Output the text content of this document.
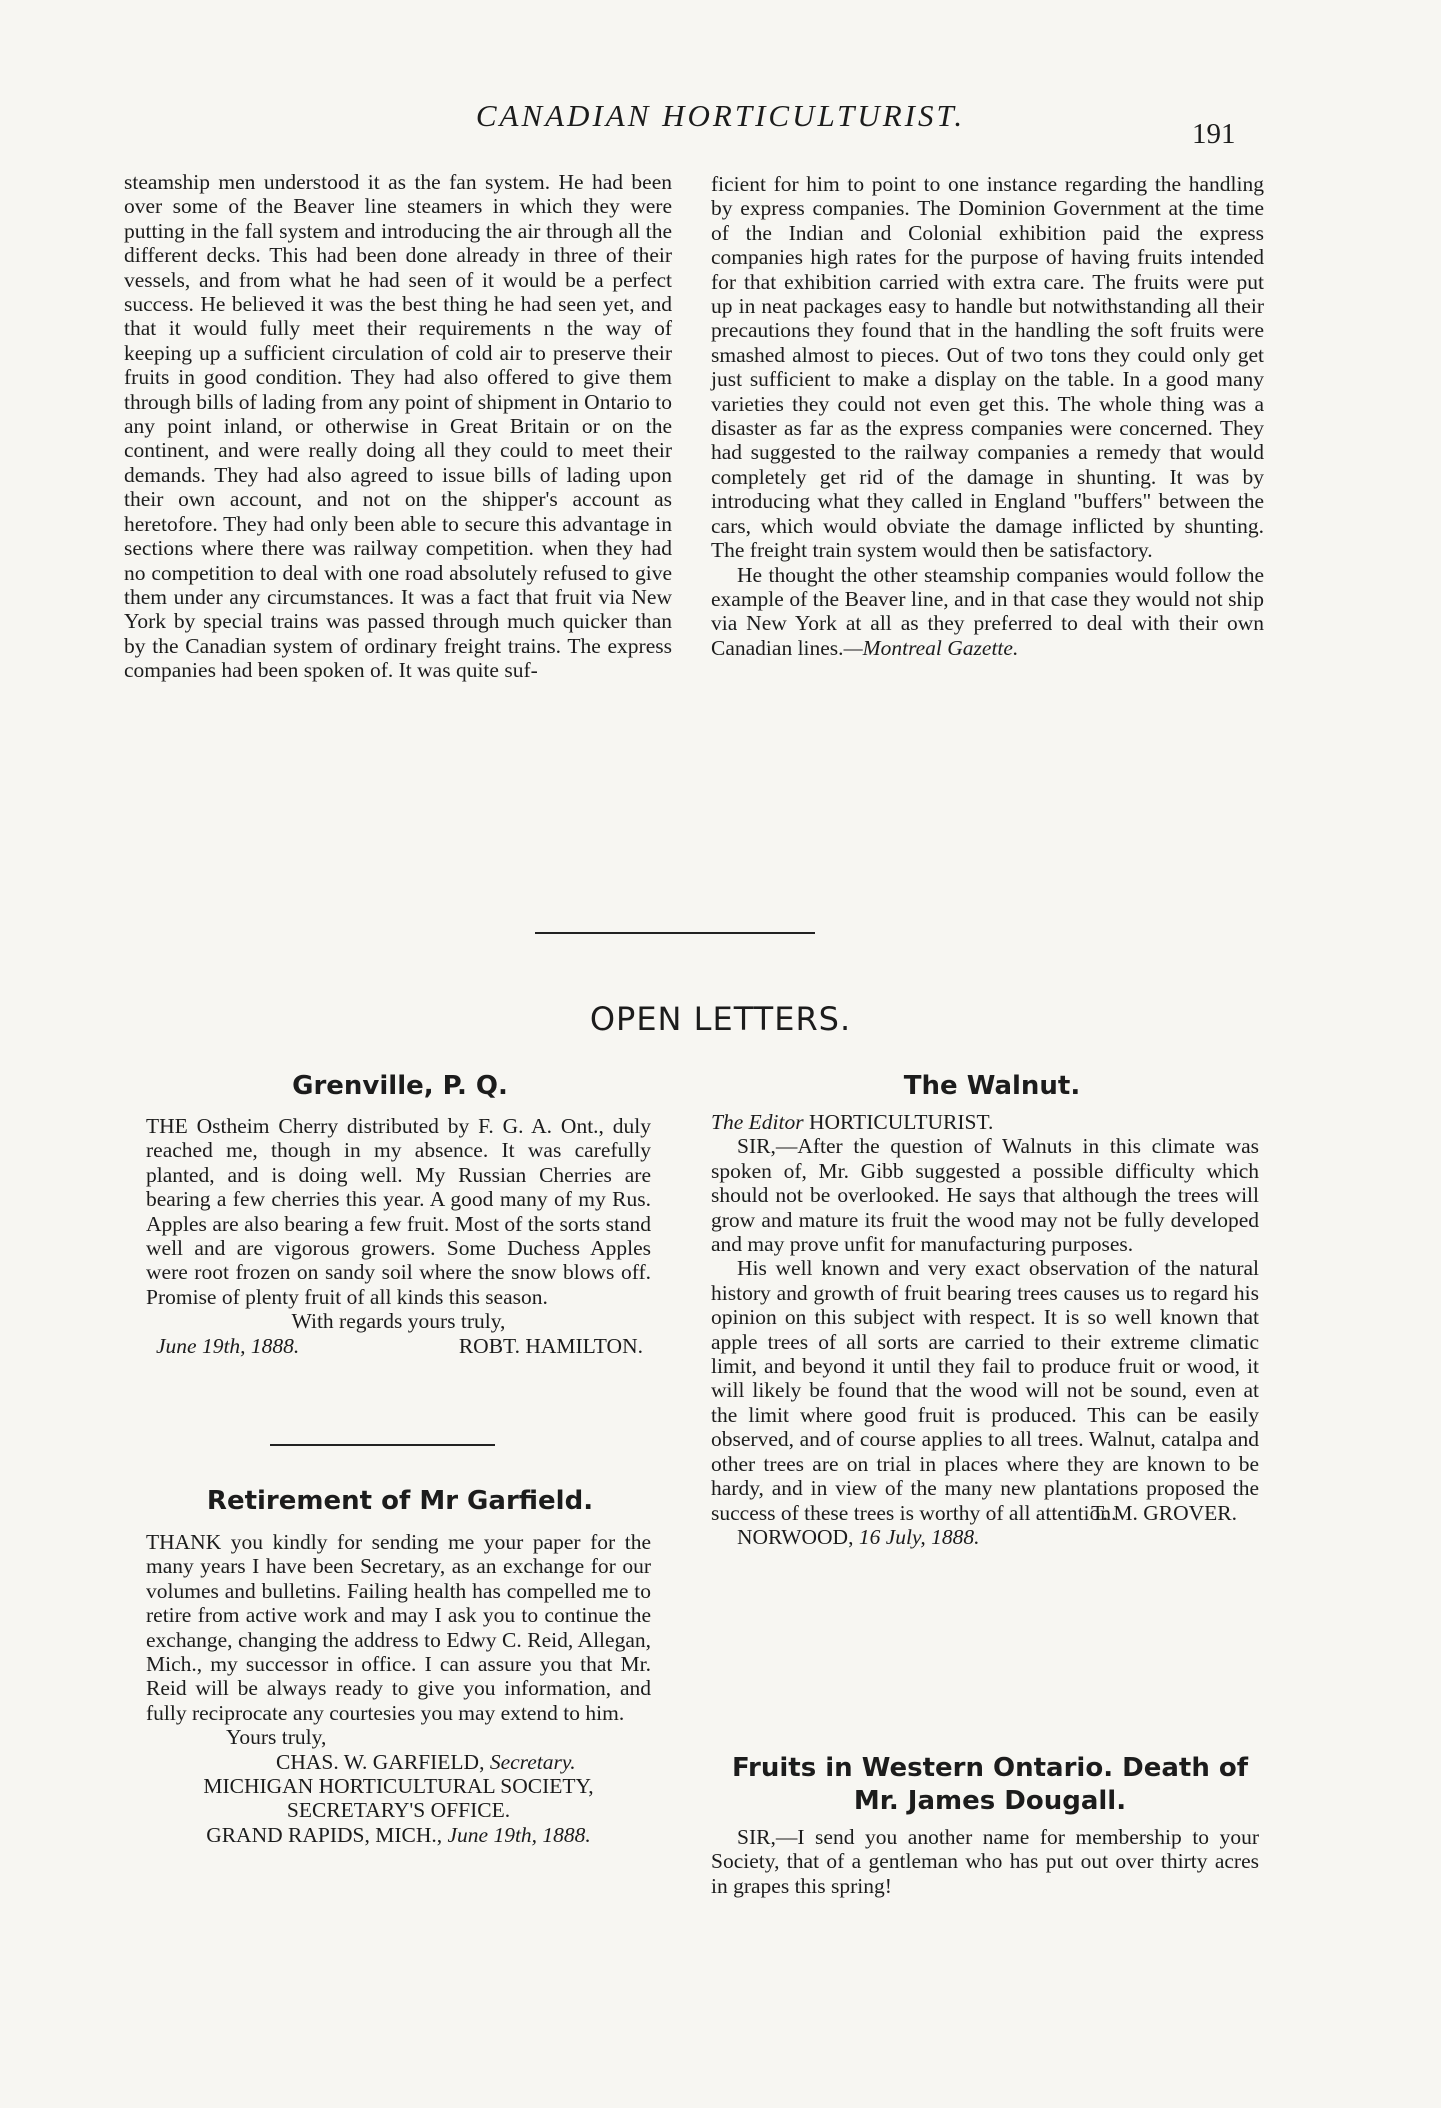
CANADIAN HORTICULTURIST.
191

steamship men understood it as the fan system. He had been over some of the Beaver line steamers in which they were putting in the fall system and introducing the air through all the different decks. This had been done already in three of their vessels, and from what he had seen of it would be a perfect success. He believed it was the best thing he had seen yet, and that it would fully meet their requirements n the way of keeping up a sufficient circulation of cold air to preserve their fruits in good condition. They had also offered to give them through bills of lading from any point of shipment in Ontario to any point inland, or otherwise in Great Britain or on the continent, and were really doing all they could to meet their demands. They had also agreed to issue bills of lading upon their own account, and not on the shipper's account as heretofore. They had only been able to secure this advantage in sections where there was railway competition. when they had no competition to deal with one road absolutely refused to give them under any circumstances. It was a fact that fruit via New York by special trains was passed through much quicker than by the Canadian system of ordinary freight trains. The express companies had been spoken of. It was quite suf-

ficient for him to point to one instance regarding the handling by express companies. The Dominion Government at the time of the Indian and Colonial exhibition paid the express companies high rates for the purpose of having fruits intended for that exhibition carried with extra care. The fruits were put up in neat packages easy to handle but notwithstanding all their precautions they found that in the handling the soft fruits were smashed almost to pieces. Out of two tons they could only get just sufficient to make a display on the table. In a good many varieties they could not even get this. The whole thing was a disaster as far as the express companies were concerned. They had suggested to the railway companies a remedy that would completely get rid of the damage in shunting. It was by introducing what they called in England "buffers" between the cars, which would obviate the damage inflicted by shunting. The freight train system would then be satisfactory.

He thought the other steamship companies would follow the example of the Beaver line, and in that case they would not ship via New York at all as they preferred to deal with their own Canadian lines.—Montreal Gazette.

OPEN LETTERS.
Grenville, P. Q.

THE Ostheim Cherry distributed by F. G. A. Ont., duly reached me, though in my absence. It was carefully planted, and is doing well. My Russian Cherries are bearing a few cherries this year. A good many of my Rus. Apples are also bearing a few fruit. Most of the sorts stand well and are vigorous growers. Some Duchess Apples were root frozen on sandy soil where the snow blows off. Promise of plenty fruit of all kinds this season.

With regards yours truly,

June 19th, 1888.	ROBT. HAMILTON.
Retirement of Mr Garfield.

THANK you kindly for sending me your paper for the many years I have been Secretary, as an exchange for our volumes and bulletins. Failing health has compelled me to retire from active work and may I ask you to continue the exchange, changing the address to Edwy C. Reid, Allegan, Mich., my successor in office. I can assure you that Mr. Reid will be always ready to give you information, and fully reciprocate any courtesies you may extend to him.

Yours truly,

CHAS. W. GARFIELD, Secretary.

MICHIGAN HORTICULTURAL SOCIETY,

SECRETARY'S OFFICE.

GRAND RAPIDS, MICH., June 19th, 1888.

The Walnut.

The Editor HORTICULTURIST.

SIR,—After the question of Walnuts in this climate was spoken of, Mr. Gibb suggested a possible difficulty which should not be overlooked. He says that although the trees will grow and mature its fruit the wood may not be fully developed and may prove unfit for manufacturing purposes.

His well known and very exact observation of the natural history and growth of fruit bearing trees causes us to regard his opinion on this subject with respect. It is so well known that apple trees of all sorts are carried to their extreme climatic limit, and beyond it until they fail to produce fruit or wood, it will likely be found that the wood will not be sound, even at the limit where good fruit is produced. This can be easily observed, and of course applies to all trees. Walnut, catalpa and other trees are on trial in places where they are known to be hardy, and in view of the many new plantations proposed the success of these trees is worthy of all attention.

T. M. GROVER.

NORWOOD, 16 July, 1888.

Fruits in Western Ontario. Death of
Mr. James Dougall.

SIR,—I send you another name for membership to your Society, that of a gentleman who has put out over thirty acres in grapes this spring!
